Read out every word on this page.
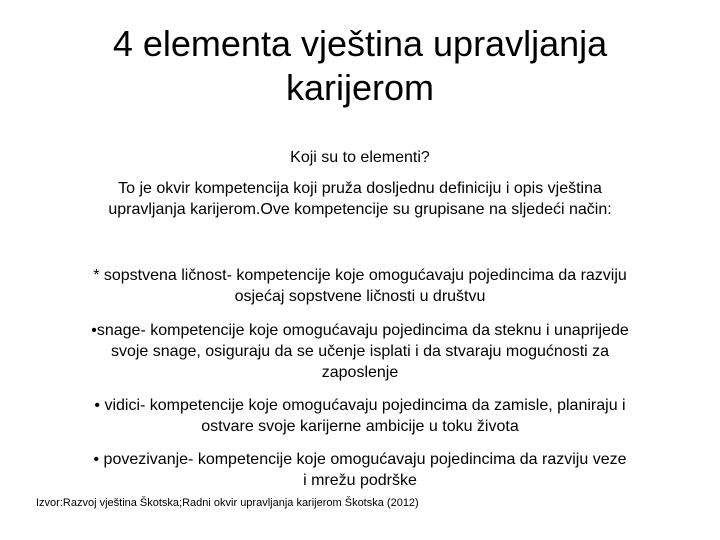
4 elementa vještina upravljanja
karijerom

Koji su to elementi?

To je okvir kompetencija koji pruža dosljednu definiciju i opis vještina
upravljanja karijerom.Ove kompetencije su grupisane na sljedeći način:

* sopstvena ličnost- kompetencije koje omogućavaju pojedincima da razviju
osjećaj sopstvene ličnosti u društvu

•snage- kompetencije koje omogućavaju pojedincima da steknu i unaprijede
svoje snage, osiguraju da se učenje isplati i da stvaraju mogućnosti za
zaposlenje

• vidici- kompetencije koje omogućavaju pojedincima da zamisle, planiraju i
ostvare svoje karijerne ambicije u toku života

• povezivanje- kompetencije koje omogućavaju pojedincima da razviju veze
i mrežu podrške

Izvor:Razvoj vještina Škotska;Radni okvir upravljanja karijerom Škotska (2012)
